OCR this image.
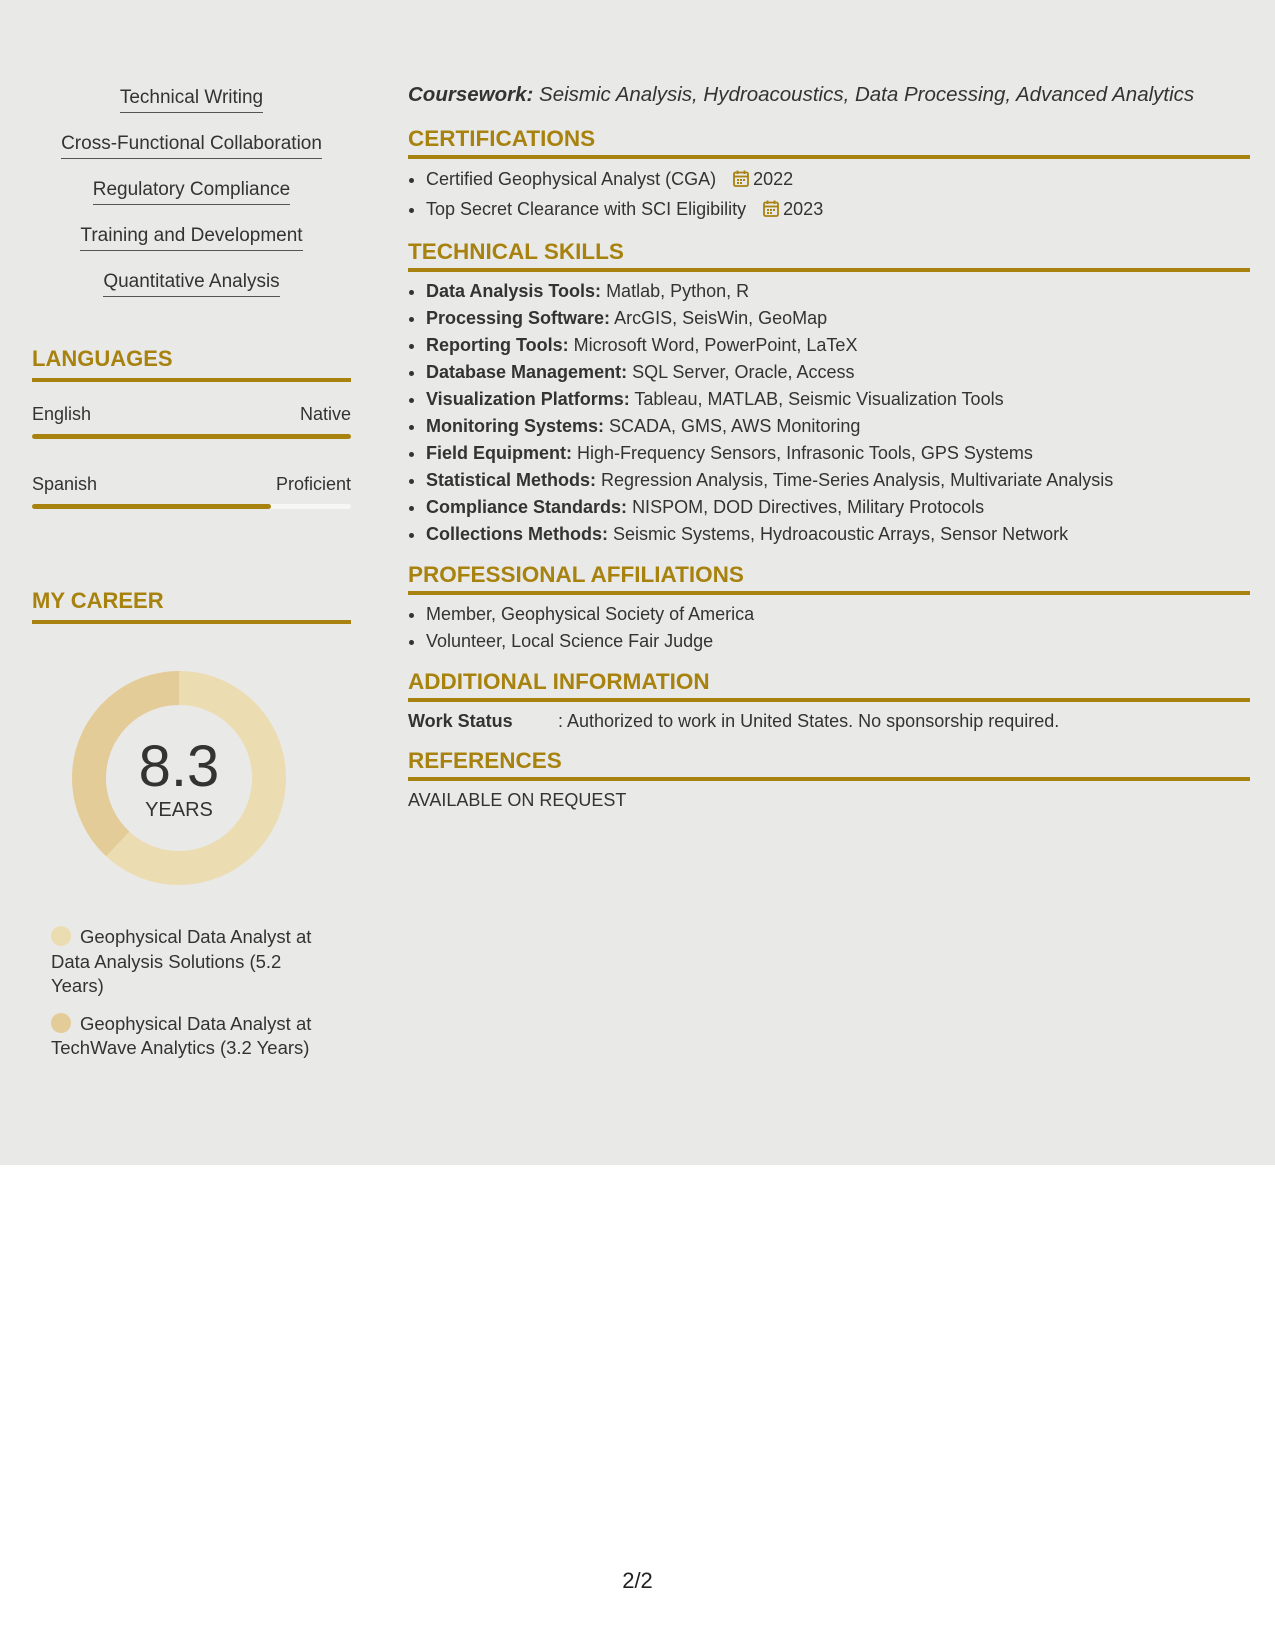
Technical Writing
Cross-Functional Collaboration
Regulatory Compliance
Training and Development
Quantitative Analysis
LANGUAGES
English	Native
Spanish	Proficient
MY CAREER
8.3
YEARS
Geophysical Data Analyst at Data Analysis Solutions (5.2 Years)
Geophysical Data Analyst at TechWave Analytics (3.2 Years)
Coursework: Seismic Analysis, Hydroacoustics, Data Processing, Advanced Analytics
CERTIFICATIONS
• Certified Geophysical Analyst (CGA) 2022
• Top Secret Clearance with SCI Eligibility 2023
TECHNICAL SKILLS
• Data Analysis Tools: Matlab, Python, R
• Processing Software: ArcGIS, SeisWin, GeoMap
• Reporting Tools: Microsoft Word, PowerPoint, LaTeX
• Database Management: SQL Server, Oracle, Access
• Visualization Platforms: Tableau, MATLAB, Seismic Visualization Tools
• Monitoring Systems: SCADA, GMS, AWS Monitoring
• Field Equipment: High-Frequency Sensors, Infrasonic Tools, GPS Systems
• Statistical Methods: Regression Analysis, Time-Series Analysis, Multivariate Analysis
• Compliance Standards: NISPOM, DOD Directives, Military Protocols
• Collections Methods: Seismic Systems, Hydroacoustic Arrays, Sensor Network
PROFESSIONAL AFFILIATIONS
• Member, Geophysical Society of America
• Volunteer, Local Science Fair Judge
ADDITIONAL INFORMATION
Work Status	: Authorized to work in United States. No sponsorship required.
REFERENCES
AVAILABLE ON REQUEST
2/2
